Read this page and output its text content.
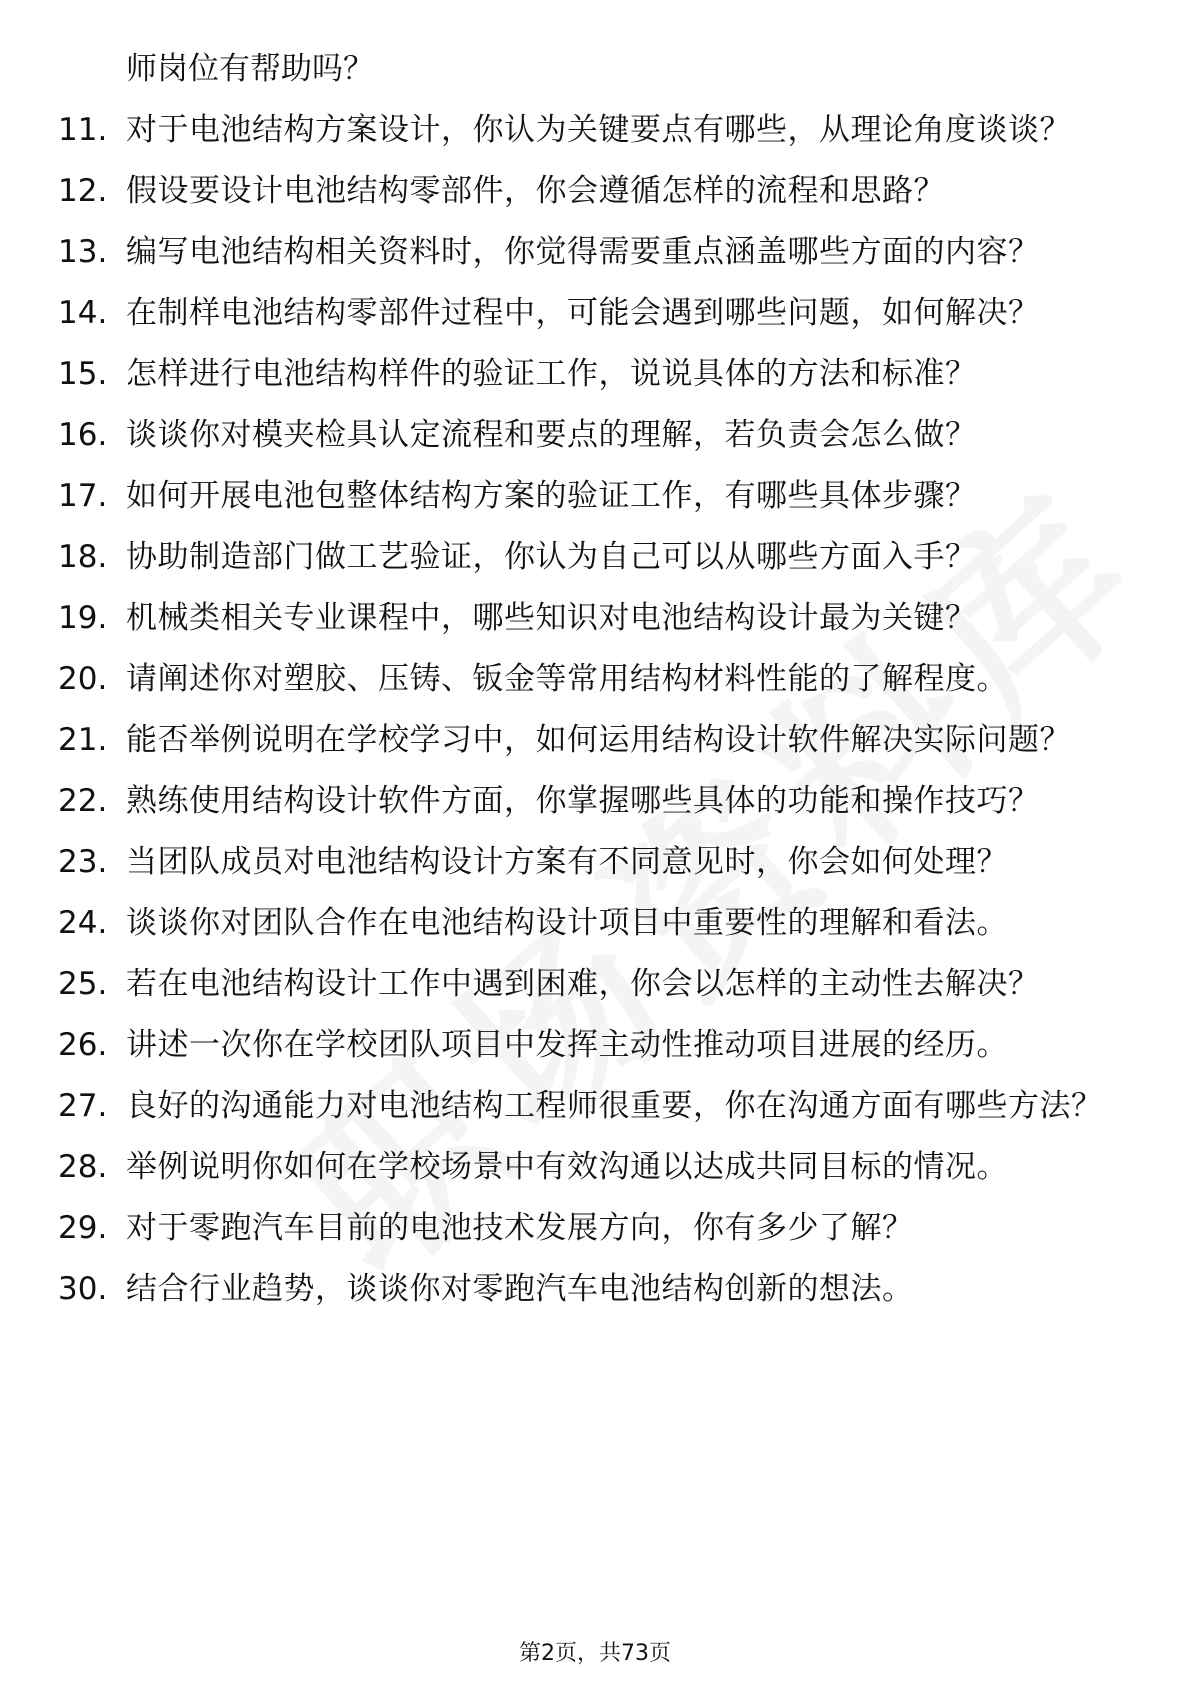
师岗位有帮助吗？
11. 对于电池结构方案设计，你认为关键要点有哪些，从理论角度谈谈？
12. 假设要设计电池结构零部件，你会遵循怎样的流程和思路？
13. 编写电池结构相关资料时，你觉得需要重点涵盖哪些方面的内容？
14. 在制样电池结构零部件过程中，可能会遇到哪些问题，如何解决？
15. 怎样进行电池结构样件的验证工作，说说具体的方法和标准？
16. 谈谈你对模夹检具认定流程和要点的理解，若负责会怎么做？
17. 如何开展电池包整体结构方案的验证工作，有哪些具体步骤？
18. 协助制造部门做工艺验证，你认为自己可以从哪些方面入手？
19. 机械类相关专业课程中，哪些知识对电池结构设计最为关键？
20. 请阐述你对塑胶、压铸、钣金等常用结构材料性能的了解程度。
21. 能否举例说明在学校学习中，如何运用结构设计软件解决实际问题？
22. 熟练使用结构设计软件方面，你掌握哪些具体的功能和操作技巧？
23. 当团队成员对电池结构设计方案有不同意见时，你会如何处理？
24. 谈谈你对团队合作在电池结构设计项目中重要性的理解和看法。
25. 若在电池结构设计工作中遇到困难，你会以怎样的主动性去解决？
26. 讲述一次你在学校团队项目中发挥主动性推动项目进展的经历。
27. 良好的沟通能力对电池结构工程师很重要，你在沟通方面有哪些方法？
28. 举例说明你如何在学校场景中有效沟通以达成共同目标的情况。
29. 对于零跑汽车目前的电池技术发展方向，你有多少了解？
30. 结合行业趋势，谈谈你对零跑汽车电池结构创新的想法。
第2页，共73页
